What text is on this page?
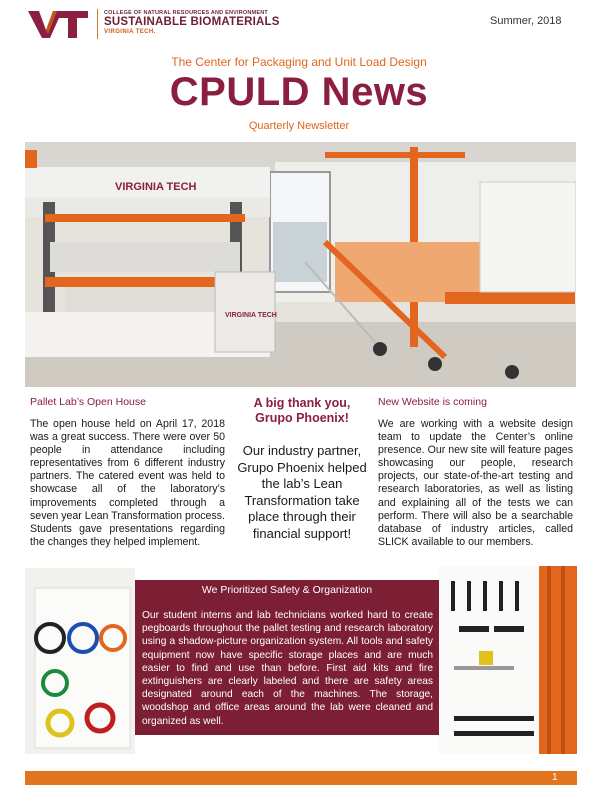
COLLEGE OF NATURAL RESOURCES AND ENVIRONMENT
SUSTAINABLE BIOMATERIALS
VIRGINIA TECH.
Summer, 2018
The Center for Packaging and Unit Load Design
CPULD News
Quarterly Newsletter
VIRGINIA TECH
VIRGINIA TECH
Pallet Lab’s Open House
The open house held on April 17, 2018 was a great success. There were over 50 people in attendance including representatives from 6 different industry partners. The catered event was held to showcase all of the laboratory’s improvements completed through a seven year Lean Transformation process. Students gave presentations regarding the changes they helped implement.
A big thank you,
Grupo Phoenix!
Our industry partner, Grupo Phoenix helped the lab’s Lean Transformation take place through their financial support!
New Website is coming
We are working with a website design team to update the Center’s online presence. Our new site will feature pages showcasing our people, research projects, our state-of-the-art testing and research laboratories, as well as listing and explaining all of the tests we can perform. There will also be a searchable database of industry articles, called SLICK available to our members.
We Prioritized Safety & Organization
Our student interns and lab technicians worked hard to create pegboards throughout the pallet testing and research laboratory using a shadow-picture organization system. All tools and safety equipment now have specific storage places and are much easier to find and use than before. First aid kits and fire extinguishers are clearly labeled and there are safety areas designated around each of the machines. The storage, woodshop and office areas around the lab were cleaned and organized as well.
1
